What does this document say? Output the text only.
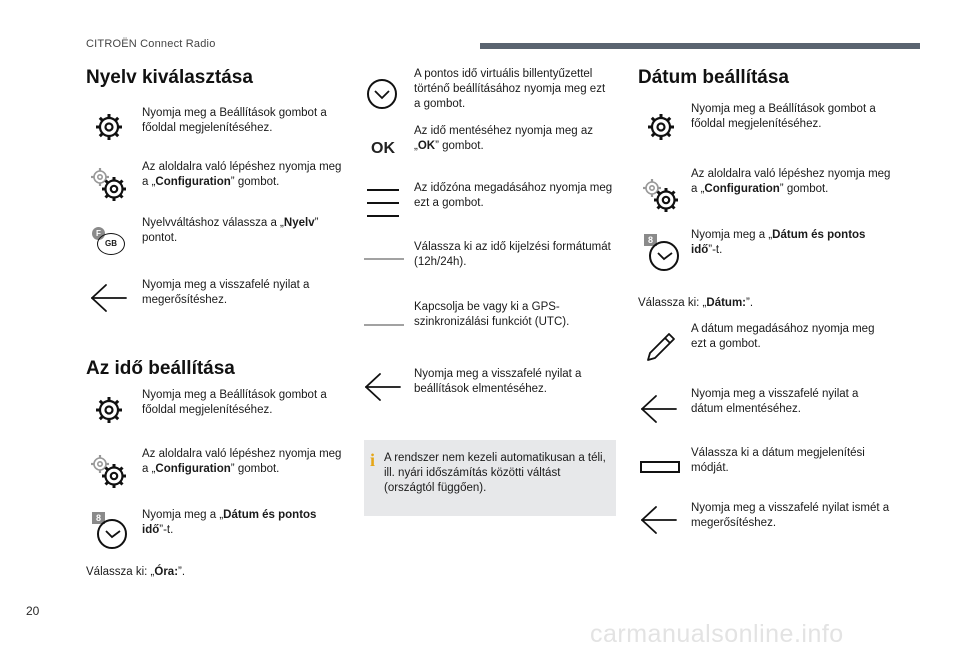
CITROËN Connect Radio
Nyelv kiválasztása
Nyomja meg a Beállítások gombot a főoldal megjelenítéséhez.
Az aloldalra való lépéshez nyomja meg a „Configuration” gombot.
F
GB
Nyelvváltáshoz válassza a „Nyelv” pontot.
Nyomja meg a visszafelé nyilat a megerősítéshez.
Az idő beállítása
Nyomja meg a Beállítások gombot a főoldal megjelenítéséhez.
Az aloldalra való lépéshez nyomja meg a „Configuration” gombot.
8	Nyomja meg a „Dátum és pontos idő”-t.
Válassza ki: „Óra:”.
A pontos idő virtuális billentyűzettel történő beállításához nyomja meg ezt a gombot.
OK
Az idő mentéséhez nyomja meg az „OK” gombot.
Az időzóna megadásához nyomja meg ezt a gombot.
Válassza ki az idő kijelzési formátumát (12h/24h).
Kapcsolja be vagy ki a GPS-szinkronizálási funkciót (UTC).
Nyomja meg a visszafelé nyilat a beállítások elmentéséhez.
i A rendszer nem kezeli automatikusan a téli, ill. nyári időszámítás közötti váltást (országtól függően).
Dátum beállítása
Nyomja meg a Beállítások gombot a főoldal megjelenítéséhez.
Az aloldalra való lépéshez nyomja meg a „Configuration” gombot.
8	Nyomja meg a „Dátum és pontos idő”-t.
Válassza ki: „Dátum:”.
A dátum megadásához nyomja meg ezt a gombot.
Nyomja meg a visszafelé nyilat a dátum elmentéséhez.
Válassza ki a dátum megjelenítési módját.
Nyomja meg a visszafelé nyilat ismét a megerősítéshez.
20
carmanualsonline.info
